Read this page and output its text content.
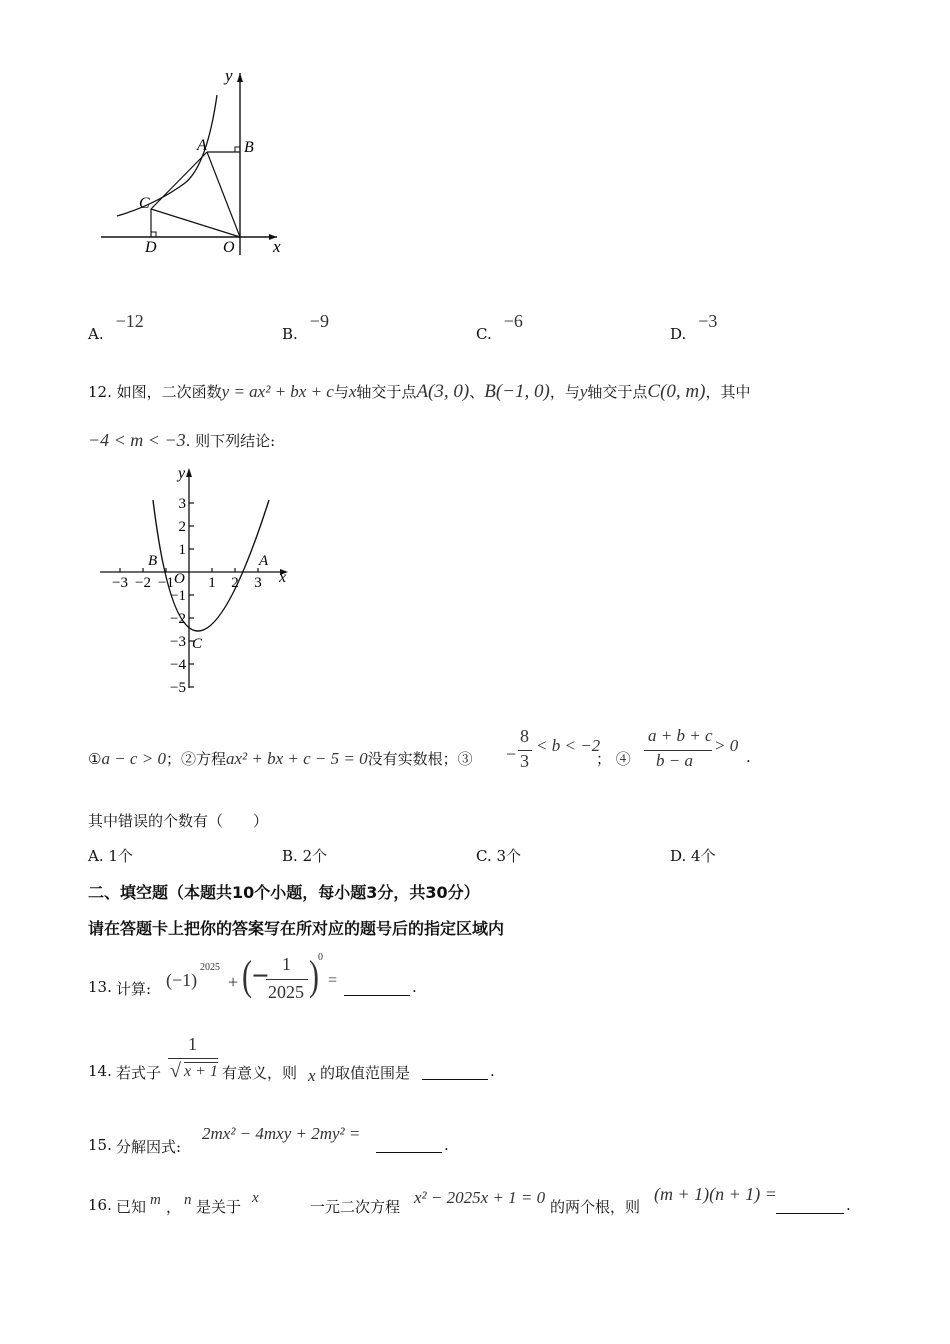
y
x
A B
C
D	O
A.−12
B.−9
C.−6
D.−3
12. 如图，二次函数y = ax² + bx + c与x轴交于点A(3, 0)、B(−1, 0)，与y轴交于点C(0, m)，其中
−4 < m < −3. 则下列结论:
−3 −2 −1 1 2 3
3
2
1
−1
−2
−3
−4
−5
x
y
O
A
B
C
①a − c > 0；②方程ax² + bx + c − 5 = 0没有实数根；③ −
8
3
< b < −2
； ④
a + b + c
b − a
> 0
.
其中错误的个数有（　　）
A. 1个	B. 2个	C. 3个	D. 4个
二、填空题（本题共10个小题，每小题3分，共30分）
请在答题卡上把你的答案写在所对应的题号后的指定区域内
13. 计算: (−1)
2025
+ (− 1
2025 ) 0
=	.
14. 若式子
1
√ x + 1 有意义，则 x 的取值范围是	.
15. 分解因式:
2mx² − 4mxy + 2my² =
.
16. 已知 m ， n 是关于 x	一元二次方程 x² − 2025x + 1 = 0 的两个根，则
(m + 1)(n + 1) =
.
